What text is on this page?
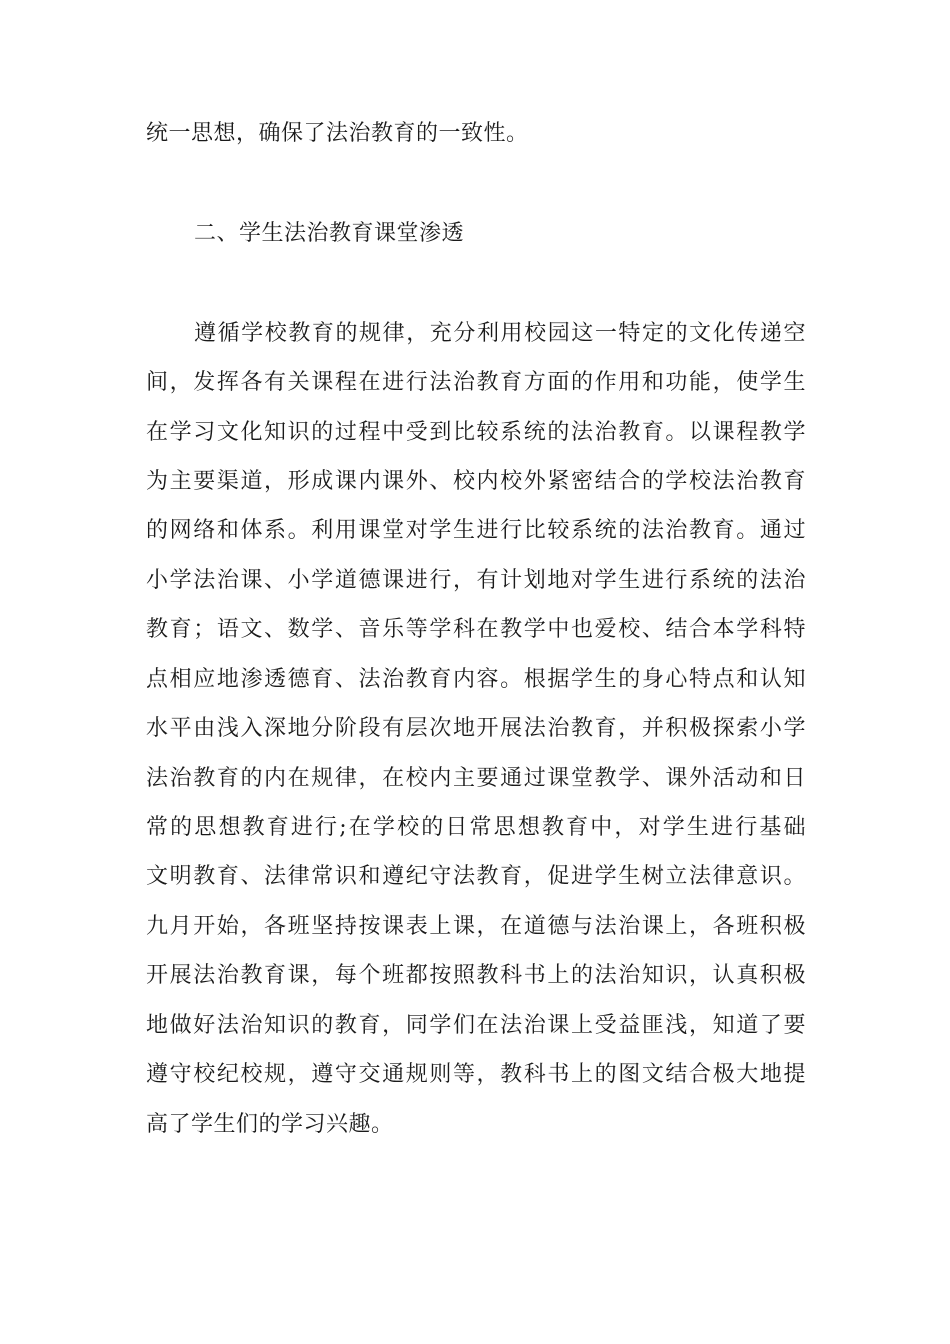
统一思想，确保了法治教育的一致性。
二、学生法治教育课堂渗透
遵循学校教育的规律，充分利用校园这一特定的文化传递空
间，发挥各有关课程在进行法治教育方面的作用和功能，使学生
在学习文化知识的过程中受到比较系统的法治教育。以课程教学
为主要渠道，形成课内课外、校内校外紧密结合的学校法治教育
的网络和体系。利用课堂对学生进行比较系统的法治教育。通过
小学法治课、小学道德课进行，有计划地对学生进行系统的法治
教育；语文、数学、音乐等学科在教学中也爱校、结合本学科特
点相应地渗透德育、法治教育内容。根据学生的身心特点和认知
水平由浅入深地分阶段有层次地开展法治教育，并积极探索小学
法治教育的内在规律，在校内主要通过课堂教学、课外活动和日
常的思想教育进行;在学校的日常思想教育中，对学生进行基础
文明教育、法律常识和遵纪守法教育，促进学生树立法律意识。
九月开始，各班坚持按课表上课，在道德与法治课上，各班积极
开展法治教育课，每个班都按照教科书上的法治知识，认真积极
地做好法治知识的教育，同学们在法治课上受益匪浅，知道了要
遵守校纪校规，遵守交通规则等，教科书上的图文结合极大地提
高了学生们的学习兴趣。
